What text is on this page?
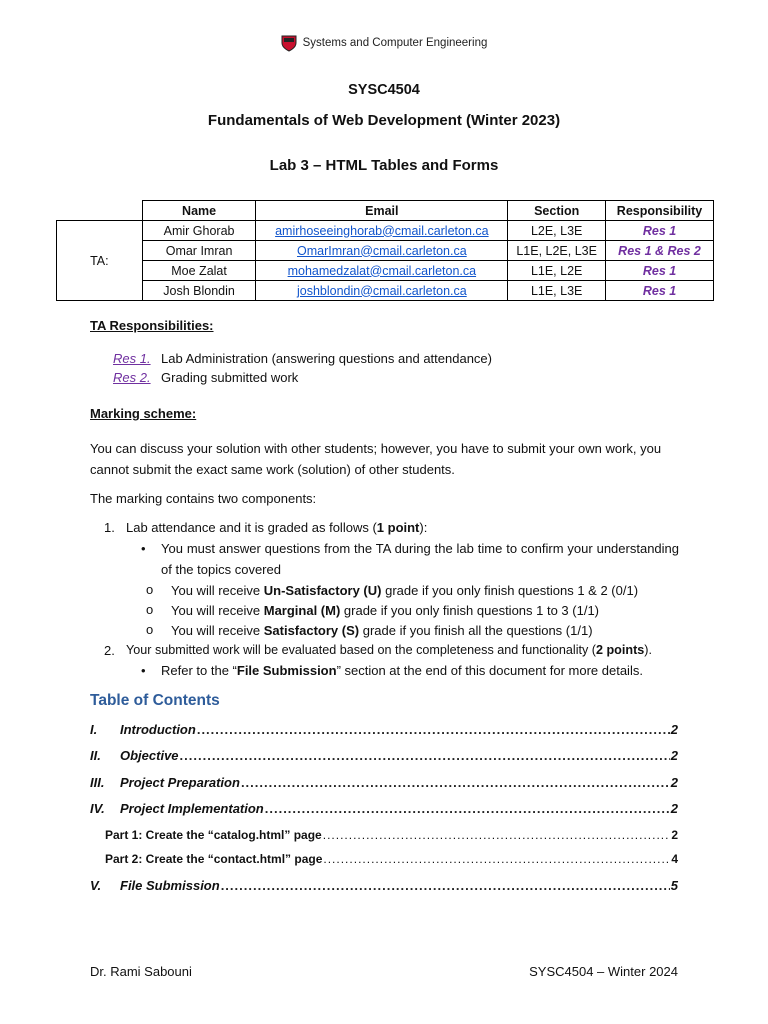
Systems and Computer Engineering
SYSC4504
Fundamentals of Web Development (Winter 2023)
Lab 3 – HTML Tables and Forms
	Name	Email	Section	Responsibility
TA:	Amir Ghorab	amirhoseeinghorab@cmail.carleton.ca	L2E, L3E	Res 1
	Omar Imran	OmarImran@cmail.carleton.ca	L1E, L2E, L3E	Res 1 & Res 2
	Moe Zalat	mohamedzalat@cmail.carleton.ca	L1E, L2E	Res 1
	Josh Blondin	joshblondin@cmail.carleton.ca	L1E, L3E	Res 1
TA Responsibilities:
Res 1. Lab Administration (answering questions and attendance)
Res 2. Grading submitted work
Marking scheme:
You can discuss your solution with other students; however, you have to submit your own work, you cannot submit the exact same work (solution) of other students.
The marking contains two components:
1. Lab attendance and it is graded as follows (1 point):
• You must answer questions from the TA during the lab time to confirm your understanding of the topics covered
o You will receive Un-Satisfactory (U) grade if you only finish questions 1 & 2 (0/1)
o You will receive Marginal (M) grade if you only finish questions 1 to 3 (1/1)
o You will receive Satisfactory (S) grade if you finish all the questions (1/1)
2. Your submitted work will be evaluated based on the completeness and functionality (2 points).
• Refer to the “File Submission” section at the end of this document for more details.
Table of Contents
I.	Introduction .....	2
II.	Objective .....	2
III.	Project Preparation .....	2
IV.	Project Implementation .....	2
Part 1: Create the “catalog.html” page .....	2
Part 2: Create the “contact.html” page .....	4
V.	File Submission .....	5
Dr. Rami Sabouni	SYSC4504 – Winter 2024
